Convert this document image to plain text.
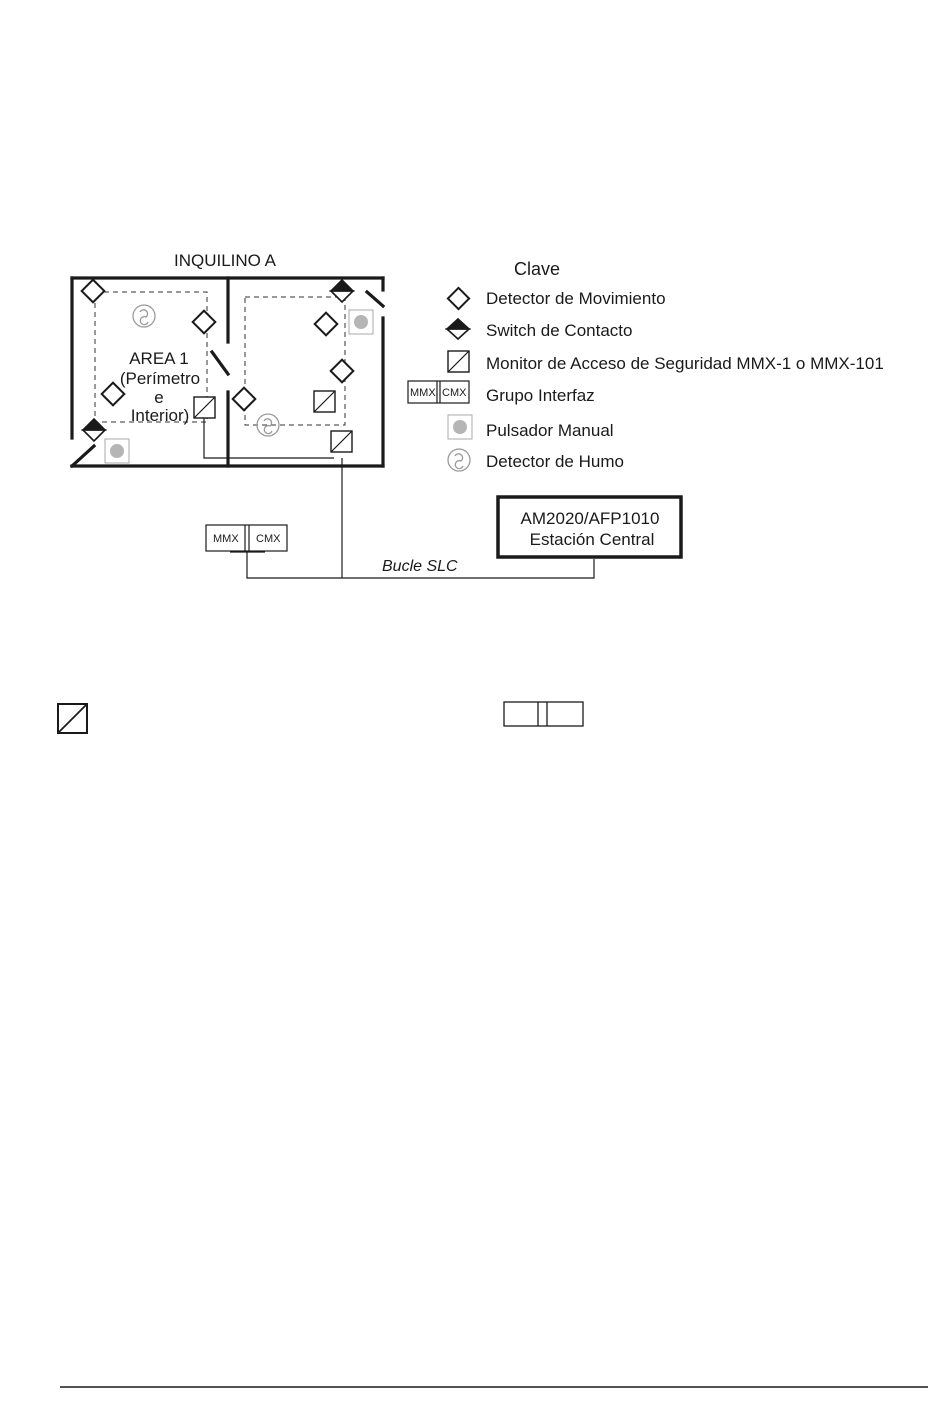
INQUILINO A
AREA 1
(Perímetro
e
Interior)
MMX CMX
Bucle SLC
AM2020/AFP1010
Estación Central
Clave
Detector de Movimiento
Switch de Contacto
Monitor de Acceso de Seguridad MMX-1 o MMX-101
MMX CMX Grupo Interfaz
Pulsador Manual
Detector de Humo
